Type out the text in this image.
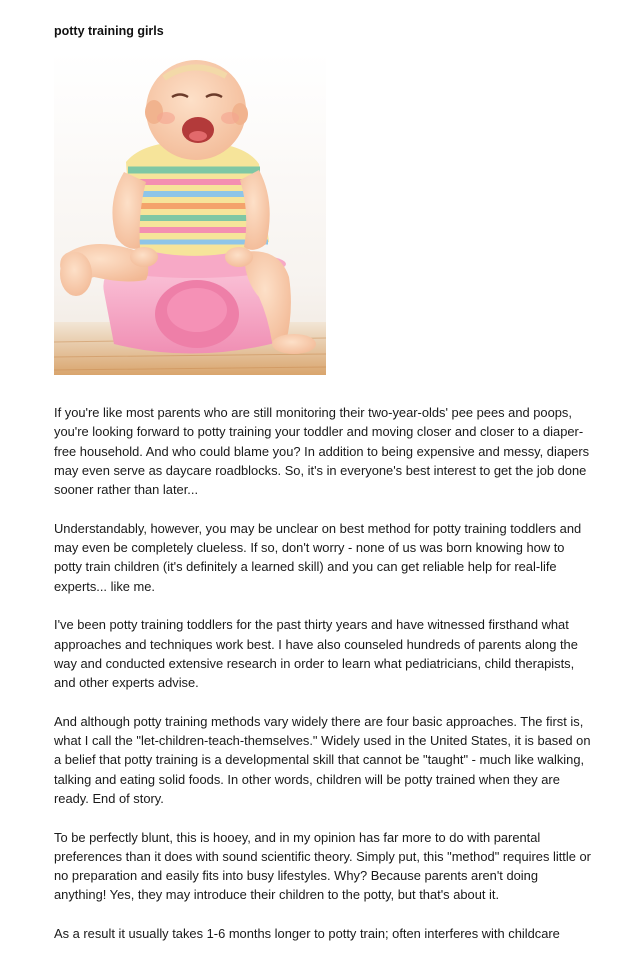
potty training girls

If you're like most parents who are still monitoring their two-year-olds' pee pees and poops, you're looking forward to potty training your toddler and moving closer and closer to a diaper-free household. And who could blame you? In addition to being expensive and messy, diapers may even serve as daycare roadblocks. So, it's in everyone's best interest to get the job done sooner rather than later...

Understandably, however, you may be unclear on best method for potty training toddlers and may even be completely clueless. If so, don't worry - none of us was born knowing how to potty train children (it's definitely a learned skill) and you can get reliable help for real-life experts... like me.

I've been potty training toddlers for the past thirty years and have witnessed firsthand what approaches and techniques work best. I have also counseled hundreds of parents along the way and conducted extensive research in order to learn what pediatricians, child therapists, and other experts advise.

And although potty training methods vary widely there are four basic approaches. The first is, what I call the "let-children-teach-themselves." Widely used in the United States, it is based on a belief that potty training is a developmental skill that cannot be "taught" - much like walking, talking and eating solid foods. In other words, children will be potty trained when they are ready. End of story.

To be perfectly blunt, this is hooey, and in my opinion has far more to do with parental preferences than it does with sound scientific theory. Simply put, this "method" requires little or no preparation and easily fits into busy lifestyles. Why? Because parents aren't doing anything! Yes, they may introduce their children to the potty, but that's about it.

As a result it usually takes 1-6 months longer to potty train; often interferes with childcare
